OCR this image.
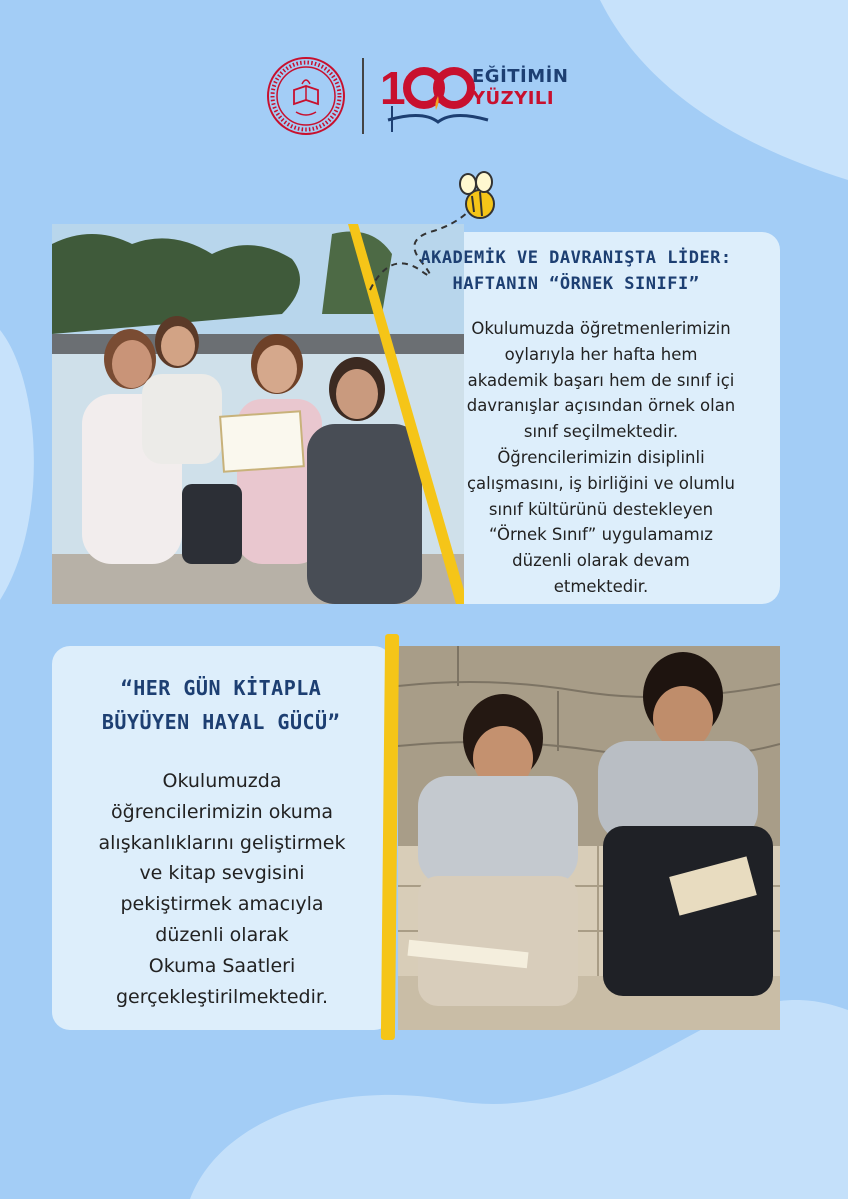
1	EĞİTİMİN
YÜZYILI
AKADEMİK VE DAVRANIŞTA LİDER:
HAFTANIN “ÖRNEK SINIFI”
Okulumuzda öğretmenlerimizin
oylarıyla her hafta hem
akademik başarı hem de sınıf içi
davranışlar açısından örnek olan
sınıf seçilmektedir.
Öğrencilerimizin disiplinli
çalışmasını, iş birliğini ve olumlu
sınıf kültürünü destekleyen
“Örnek Sınıf” uygulamamız
düzenli olarak devam
etmektedir.
“HER GÜN KİTAPLA
BÜYÜYEN HAYAL GÜCÜ”
Okulumuzda
öğrencilerimizin okuma
alışkanlıklarını geliştirmek
ve kitap sevgisini
pekiştirmek amacıyla
düzenli olarak
Okuma Saatleri
gerçekleştirilmektedir.
